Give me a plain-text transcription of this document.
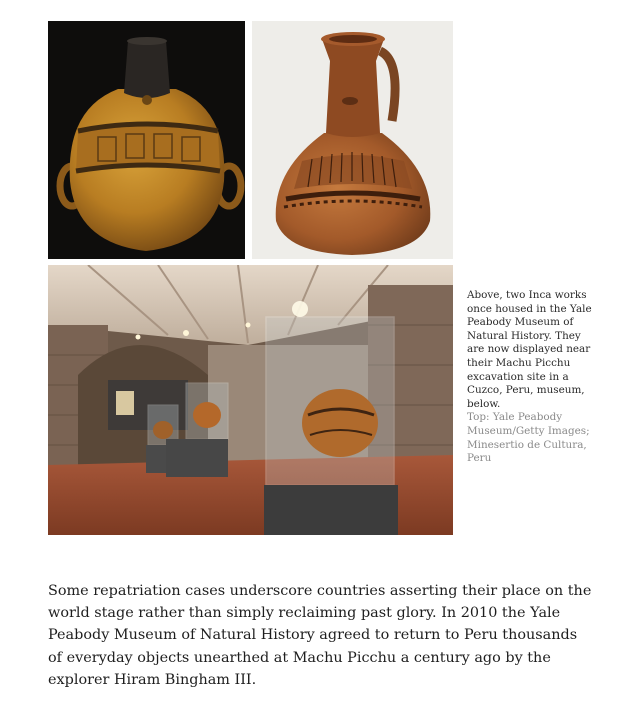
Above, two Inca works once housed in the Yale Peabody Museum of Natural History. They are now displayed near their Machu Picchu excavation site in a Cuzco, Peru, museum, below.
Top: Yale Peabody Museum/Getty Images; Minesertio de Cultura, Peru

Some repatriation cases underscore countries asserting their place on the world stage rather than simply reclaiming past glory. In 2010 the Yale Peabody Museum of Natural History agreed to return to Peru thousands of everyday objects unearthed at Machu Picchu a century ago by the explorer Hiram Bingham III.
